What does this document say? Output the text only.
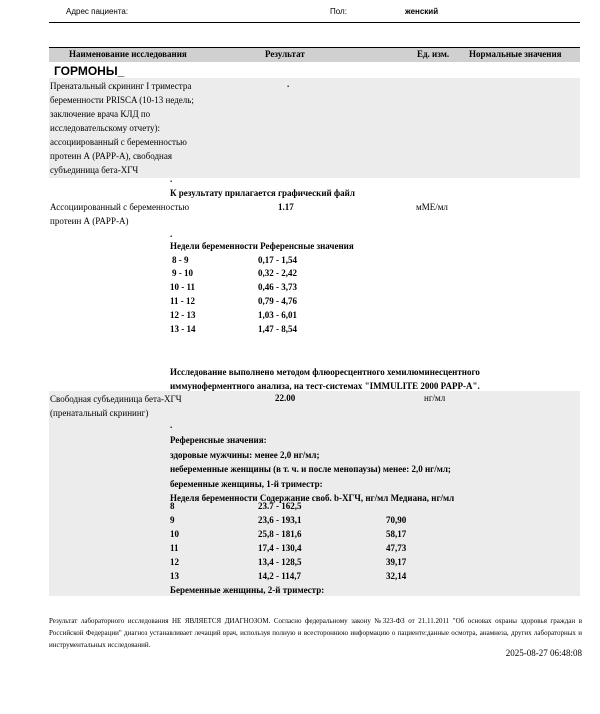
Адрес пациента:	Пол:	женский
Наименование исследования	Результат	Ед. изм. Нормальные значения
ГОРМОНЫ_
Пренатальный скрининг I триместра
беременности PRISCA (10-13 недель;
заключение врача КЛД по
исследовательскому отчету):
ассоциированный с беременностью
протеин А (PAPP-A), свободная
субъединица бета-ХГЧ
.
.
К результату прилагается графический файл
Ассоциированный с беременностью
протеин А (PAPP-A)
1.17	мМЕ/мл
.
Недели беременности Референсные значения
8 - 9	0,17 - 1,54
9 - 10	0,32 - 2,42
10 - 11	0,46 - 3,73
11 - 12	0,79 - 4,76
12 - 13	1,03 - 6,01
13 - 14	1,47 - 8,54
Исследование выполнено методом флюоресцентного хемилюминесцентного
иммуноферментного анализа, на тест-системах "IMMULITE 2000 PAPP-A".
Свободная субъединица бета-ХГЧ
(пренатальный скрининг)
22.00	нг/мл
.
Референсные значения:
здоровые мужчины: менее 2,0 нг/мл;
небеременные женщины (в т. ч. и после менопаузы) менее: 2,0 нг/мл;
беременные женщины, 1-й триместр:
Неделя беременности Содержание своб. b-ХГЧ, нг/мл Медиана, нг/мл
8	23.7 - 162,5
9	23,6 - 193,1	70,90
10	25,8 - 181,6	58,17
11	17,4 - 130,4	47,73
12	13,4 - 128,5	39,17
13	14,2 - 114,7	32,14
Беременные женщины, 2-й триместр:
Результат лабораторного исследования НЕ ЯВЛЯЕТСЯ ДИАГНОЗОМ. Согласно федеральному закону №323-ФЗ от 21.11.2011 "Об основах охраны здоровья граждан в Российской Федерации" диагноз устанавливает лечащий врач, используя полную и всестороннюю информацию о пациенте:данные осмотра, анамнеза, других лабораторных и инструментальных исследований.
2025-08-27 06:48:08
